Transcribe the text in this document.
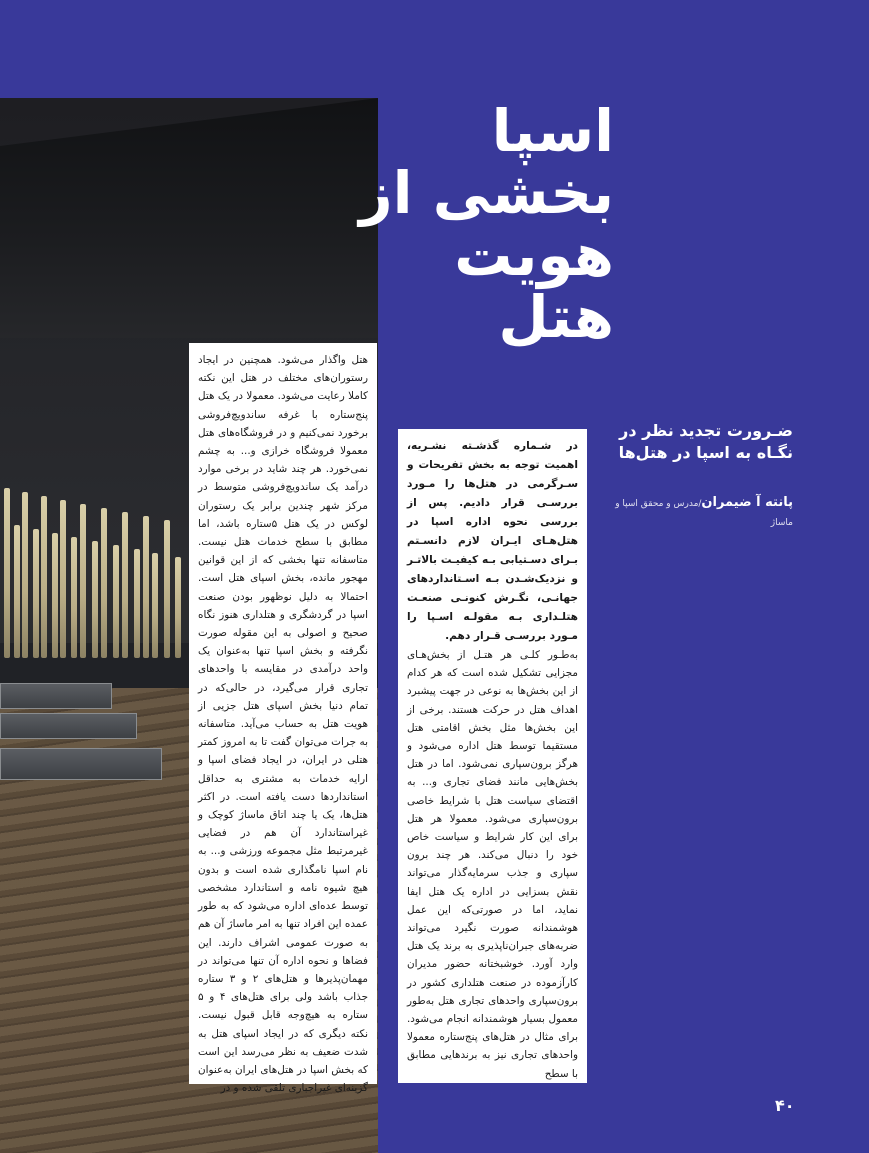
اسپا
بخشی از
هویت
هتل
ضـرورت تجدید نظر در نگـاه به اسپا در هتل‌ها
پانته آ ضیمران/مدرس و محقق اسپا و ماساژ

در شـماره گذشـته نشـریه، اهمیت توجه به بخش تفریحات و سـرگرمی در هتل‌ها را مـورد بررسـی قرار دادیم. پس از بررسی نحوه اداره اسپا در هتل‌هـای ایـران لازم دانسـتم بـرای دسـتیابی بـه کیفیـت بالاتـر و نزدیک‌شـدن بـه اسـتانداردهای جهانـی، نگـرش کنونـی صنعـت هتلـداری بـه مقولـه اسـپا را مـورد بررسـی قـرار دهم.

به‌طـور کلـی هر هتـل از بخش‌هـای مجزایی تشکیل شده است که هر کدام از این بخش‌ها به نوعی در جهت پیشبرد اهداف هتل در حرکت هستند. برخی از این بخش‌ها مثل بخش اقامتی هتل مستقیما توسط هتل اداره می‌شود و هرگز برون‌سپاری نمی‌شود. اما در هتل بخش‌هایی مانند فضای تجاری و... به اقتضای سیاست هتل با شرایط خاصی برون‌سپاری می‌شود. معمولا هر هتل برای این کار شرایط و سیاست خاص خود را دنبال می‌کند. هر چند برون سپاری و جذب سرمایه‌گذار می‌تواند نقش بسزایی در اداره یک هتل ایفا نماید، اما در صورتی‌که این عمل هوشمندانه صورت نگیرد می‌تواند ضربه‌های جبران‌ناپذیری به برند یک هتل وارد آورد. خوشبختانه حضور مدیران کارآزموده در صنعت هتلداری کشور در برون‌سپاری واحدهای تجاری هتل به‌طور معمول بسیار هوشمندانه انجام می‌شود. برای مثال در هتل‌های پنج‌ستاره معمولا واحدهای تجاری نیز به برندهایی مطابق با سطح

هتل واگذار می‌شود. همچنین در ایجاد رستوران‌های مختلف در هتل این نکته کاملا رعایت می‌شود. معمولا در یک هتل پنج‌ستاره با غرفه ساندویچ‌فروشی برخورد نمی‌کنیم و در فروشگاه‌های هتل معمولا فروشگاه خرازی و... به چشم نمی‌خورد. هر چند شاید در برخی موارد درآمد یک ساندویچ‌فروشی متوسط در مرکز شهر چندین برابر یک رستوران لوکس در یک هتل ۵ستاره باشد، اما مطابق با سطح خدمات هتل نیست. متاسفانه تنها بخشی که از این قوانین مهجور مانده، بخش اسپای هتل است. احتمالا به دلیل نوظهور بودن صنعت اسپا در گردشگری و هتلداری هنوز نگاه صحیح و اصولی به این مقوله صورت نگرفته و بخش اسپا تنها به‌عنوان یک واحد درآمدی در مقایسه با واحدهای تجاری قرار می‌گیرد، در حالی‌که در تمام دنیا بخش اسپای هتل جزیی از هویت هتل به حساب می‌آید. متاسفانه به جرات می‌توان گفت تا به امروز کمتر هتلی در ایران، در ایجاد فضای اسپا و ارایه خدمات به مشتری به حداقل استانداردها دست یافته است. در اکثر هتل‌ها، یک یا چند اتاق ماساژ کوچک و غیراستاندارد آن هم در فضایی غیرمرتبط مثل مجموعه ورزشی و... به نام اسپا نامگذاری شده است و بدون هیچ شیوه نامه و استاندارد مشخصی توسط عده‌ای اداره می‌شود که به طور عمده این افراد تنها به امر ماساژ آن هم به صورت عمومی اشراف دارند. این فضاها و نحوه اداره آن تنها می‌تواند در مهمان‌پذیرها و هتل‌های ۲ و ۳ ستاره جذاب باشد ولی برای هتل‌های ۴ و ۵ ستاره به هیچ‌وجه قابل قبول نیست. نکته دیگری که در ایجاد اسپای هتل به شدت ضعیف به نظر می‌رسد این است که بخش اسپا در هتل‌های ایران به‌عنوان گزینه‌ای غیراجباری تلقی شده و در

۴۰
